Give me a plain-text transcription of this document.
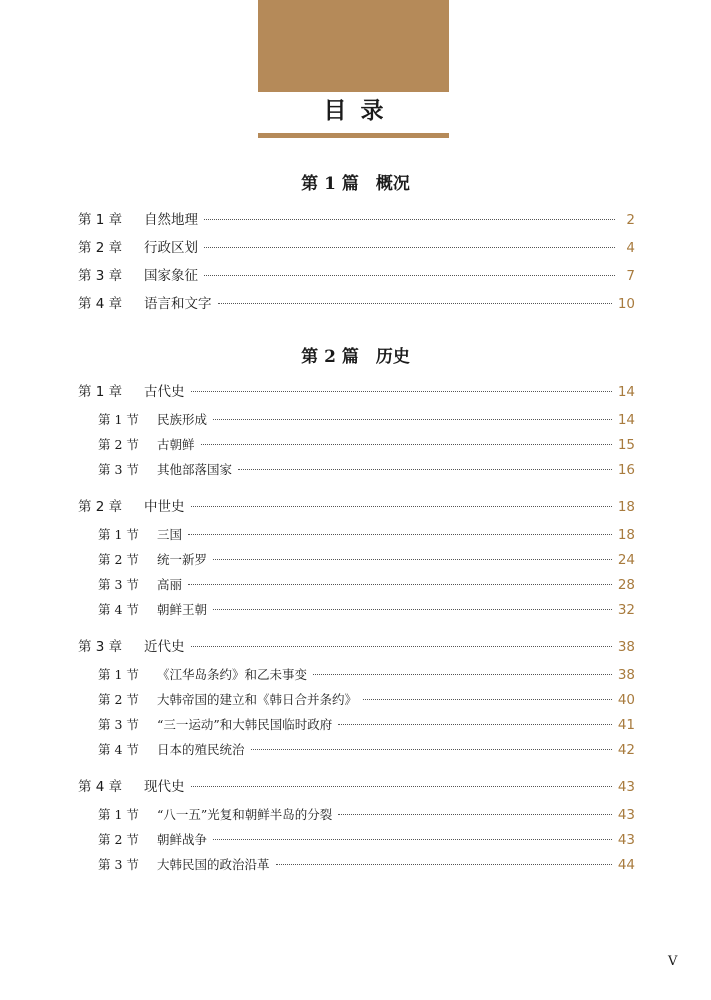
目录
第 1 篇　概况
第 1 章	自然地理	2
第 2 章	行政区划	4
第 3 章	国家象征	7
第 4 章	语言和文字	10
第 2 篇　历史
第 1 章	古代史	14
第 1 节	民族形成	14
第 2 节	古朝鲜	15
第 3 节	其他部落国家	16
第 2 章	中世史	18
第 1 节	三国	18
第 2 节	统一新罗	24
第 3 节	高丽	28
第 4 节	朝鲜王朝	32
第 3 章	近代史	38
第 1 节	《江华岛条约》和乙未事变	38
第 2 节	大韩帝国的建立和《韩日合并条约》	40
第 3 节	“三一运动”和大韩民国临时政府	41
第 4 节	日本的殖民统治	42
第 4 章	现代史	43
第 1 节	“八一五”光复和朝鲜半岛的分裂	43
第 2 节	朝鲜战争	43
第 3 节	大韩民国的政治沿革	44
V
